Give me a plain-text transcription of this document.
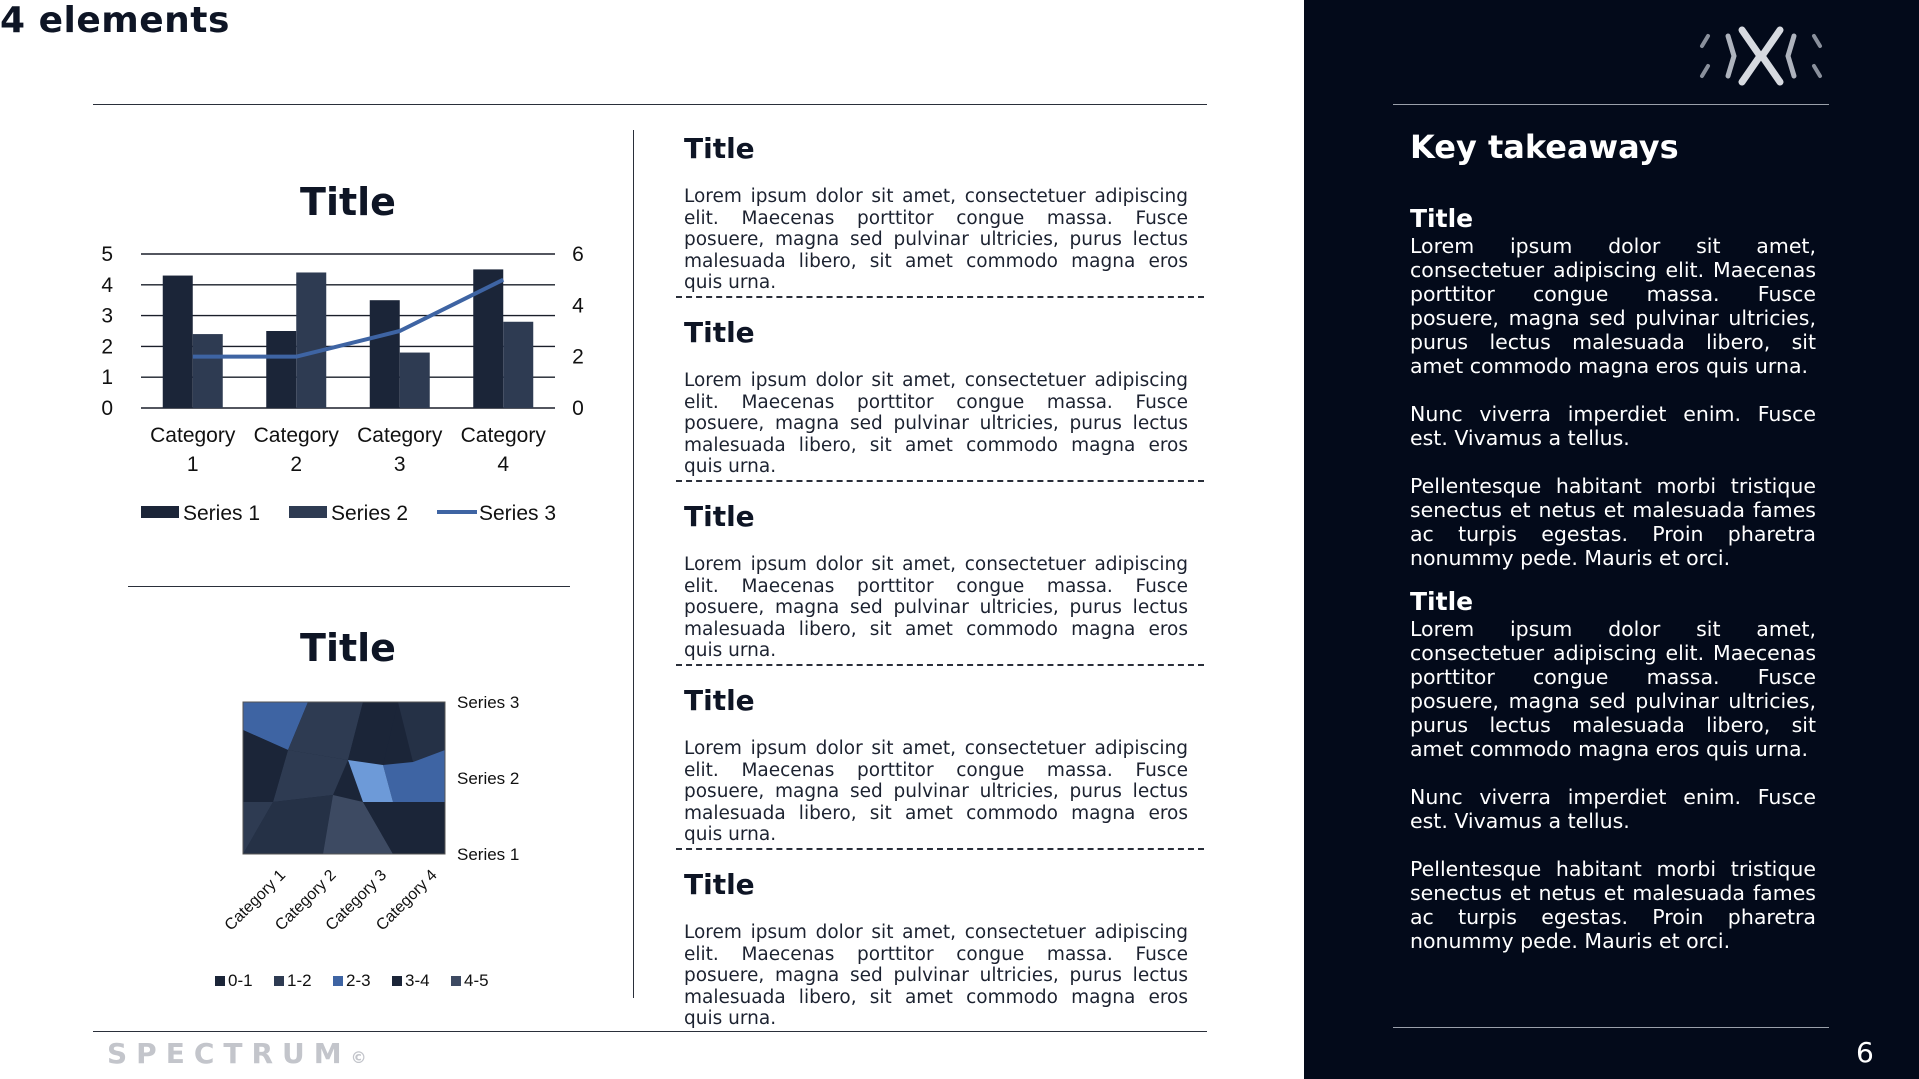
4 elements
Title
0
1
2
3
4
5
0
2
4
6
Category
1
Category
2
Category
3
Category
4
Series 1	Series 2	Series 3
Title
Category 1
Category 2
Category 3
Category 4
Series 1
Series 2
Series 3
0-1 1-2 2-3 3-4 4-5
Title
Lorem ipsum dolor sit amet, consectetuer adipiscing elit. Maecenas porttitor congue massa. Fusce posuere, magna sed pulvinar ultricies, purus lectus malesuada libero, sit amet commodo magna eros quis urna.
Title
Lorem ipsum dolor sit amet, consectetuer adipiscing elit. Maecenas porttitor congue massa. Fusce posuere, magna sed pulvinar ultricies, purus lectus malesuada libero, sit amet commodo magna eros quis urna.
Title
Lorem ipsum dolor sit amet, consectetuer adipiscing elit. Maecenas porttitor congue massa. Fusce posuere, magna sed pulvinar ultricies, purus lectus malesuada libero, sit amet commodo magna eros quis urna.
Title
Lorem ipsum dolor sit amet, consectetuer adipiscing elit. Maecenas porttitor congue massa. Fusce posuere, magna sed pulvinar ultricies, purus lectus malesuada libero, sit amet commodo magna eros quis urna.
Title
Lorem ipsum dolor sit amet, consectetuer adipiscing elit. Maecenas porttitor congue massa. Fusce posuere, magna sed pulvinar ultricies, purus lectus malesuada libero, sit amet commodo magna eros quis urna.
SPECTRUM©
Key takeaways
Title

Lorem ipsum dolor sit amet, consectetuer adipiscing elit. Maecenas porttitor congue massa. Fusce posuere, magna sed pulvinar ultricies, purus lectus malesuada libero, sit amet commodo magna eros quis urna.

Nunc viverra imperdiet enim. Fusce est. Vivamus a tellus.

Pellentesque habitant morbi tristique senectus et netus et malesuada fames ac turpis egestas. Proin pharetra nonummy pede. Mauris et orci.

Title

Lorem ipsum dolor sit amet, consectetuer adipiscing elit. Maecenas porttitor congue massa. Fusce posuere, magna sed pulvinar ultricies, purus lectus malesuada libero, sit amet commodo magna eros quis urna.

Nunc viverra imperdiet enim. Fusce est. Vivamus a tellus.

Pellentesque habitant morbi tristique senectus et netus et malesuada fames ac turpis egestas. Proin pharetra nonummy pede. Mauris et orci.

6
